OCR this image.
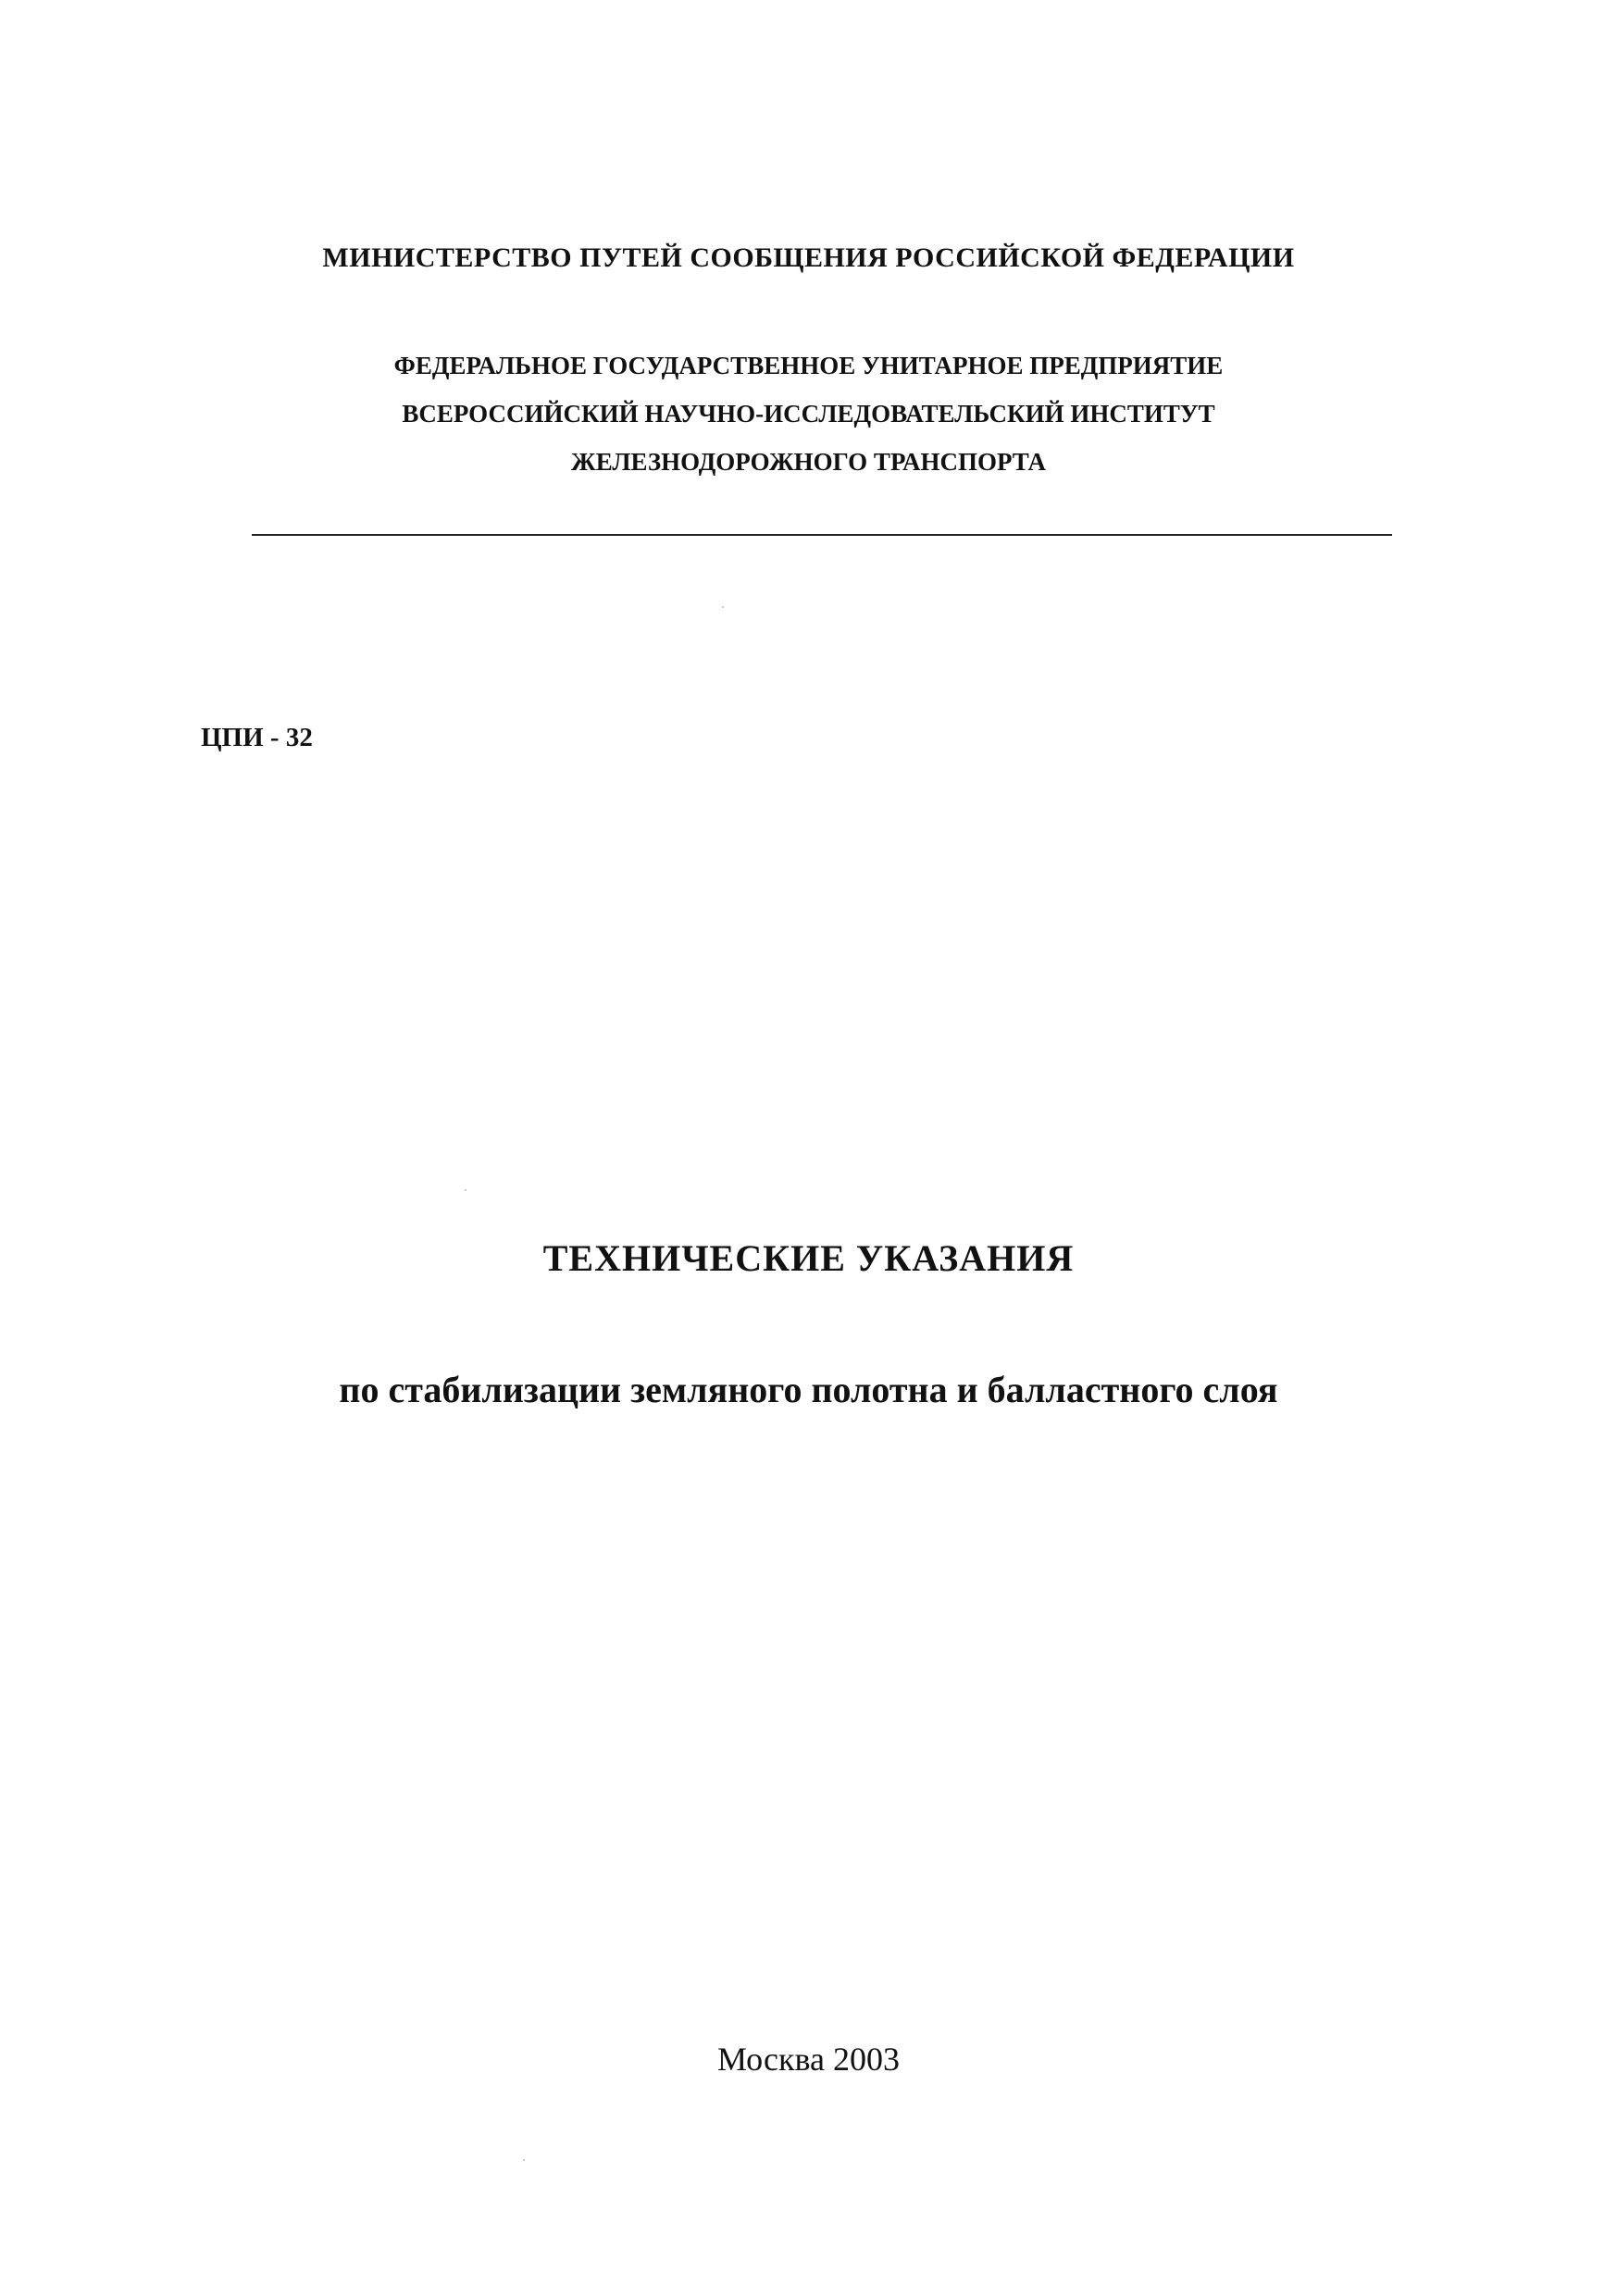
МИНИСТЕРСТВО ПУТЕЙ СООБЩЕНИЯ РОССИЙСКОЙ ФЕДЕРАЦИИ
ФЕДЕРАЛЬНОЕ ГОСУДАРСТВЕННОЕ УНИТАРНОЕ ПРЕДПРИЯТИЕ
ВСЕРОССИЙСКИЙ НАУЧНО-ИССЛЕДОВАТЕЛЬСКИЙ ИНСТИТУТ
ЖЕЛЕЗНОДОРОЖНОГО ТРАНСПОРТА
ЦПИ - 32
ТЕХНИЧЕСКИЕ УКАЗАНИЯ
по стабилизации земляного полотна и балластного слоя
Москва 2003
